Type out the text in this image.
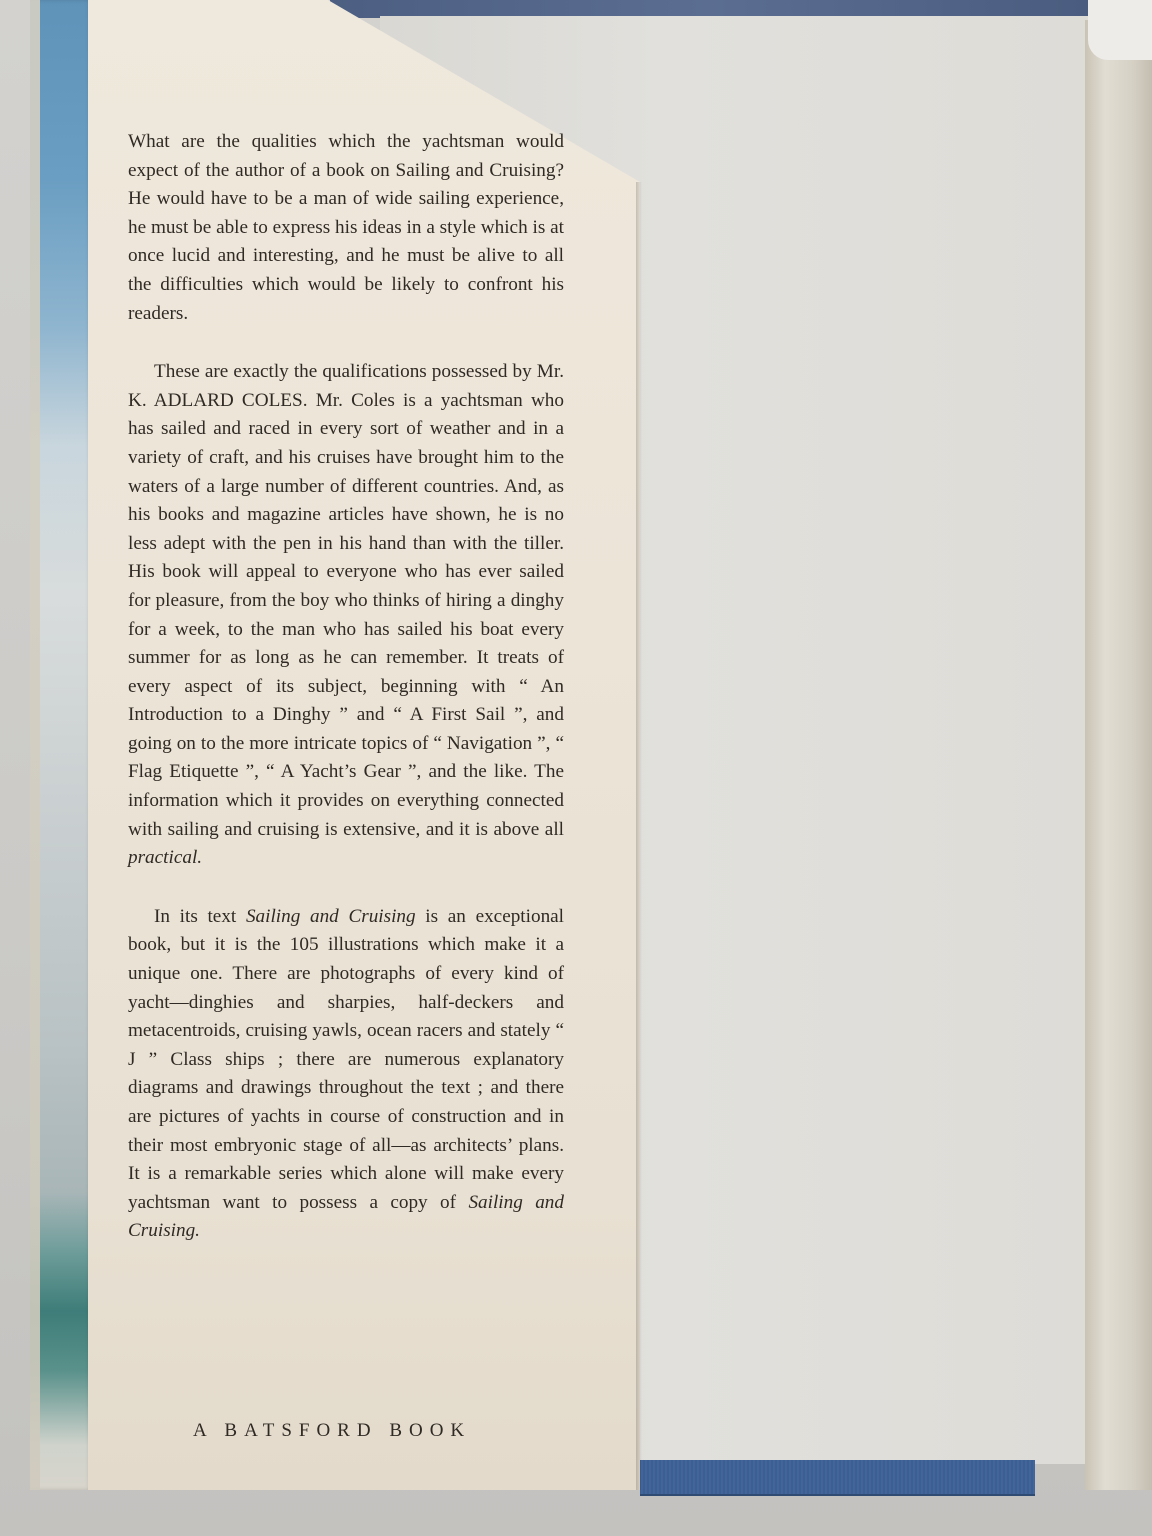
What are the qualities which the yachtsman would expect of the author of a book on Sailing and Cruising? He would have to be a man of wide sailing experience, he must be able to express his ideas in a style which is at once lucid and interesting, and he must be alive to all the difficulties which would be likely to confront his readers.

These are exactly the qualifications possessed by Mr. K. ADLARD COLES. Mr. Coles is a yachtsman who has sailed and raced in every sort of weather and in a variety of craft, and his cruises have brought him to the waters of a large number of different countries. And, as his books and magazine articles have shown, he is no less adept with the pen in his hand than with the tiller. His book will appeal to everyone who has ever sailed for pleasure, from the boy who thinks of hiring a dinghy for a week, to the man who has sailed his boat every summer for as long as he can remember. It treats of every aspect of its subject, beginning with “ An Introduction to a Dinghy ” and “ A First Sail ”, and going on to the more intricate topics of “ Navigation ”, “ Flag Etiquette ”, “ A Yacht’s Gear ”, and the like. The information which it provides on everything connected with sailing and cruising is extensive, and it is above all practical.

In its text Sailing and Cruising is an exceptional book, but it is the 105 illustrations which make it a unique one. There are photographs of every kind of yacht—dinghies and sharpies, half-deckers and metacentroids, cruising yawls, ocean racers and stately “ J ” Class ships ; there are numerous explanatory diagrams and drawings throughout the text ; and there are pictures of yachts in course of construction and in their most embryonic stage of all—as architects’ plans. It is a remarkable series which alone will make every yachtsman want to possess a copy of Sailing and Cruising.

A BATSFORD BOOK
